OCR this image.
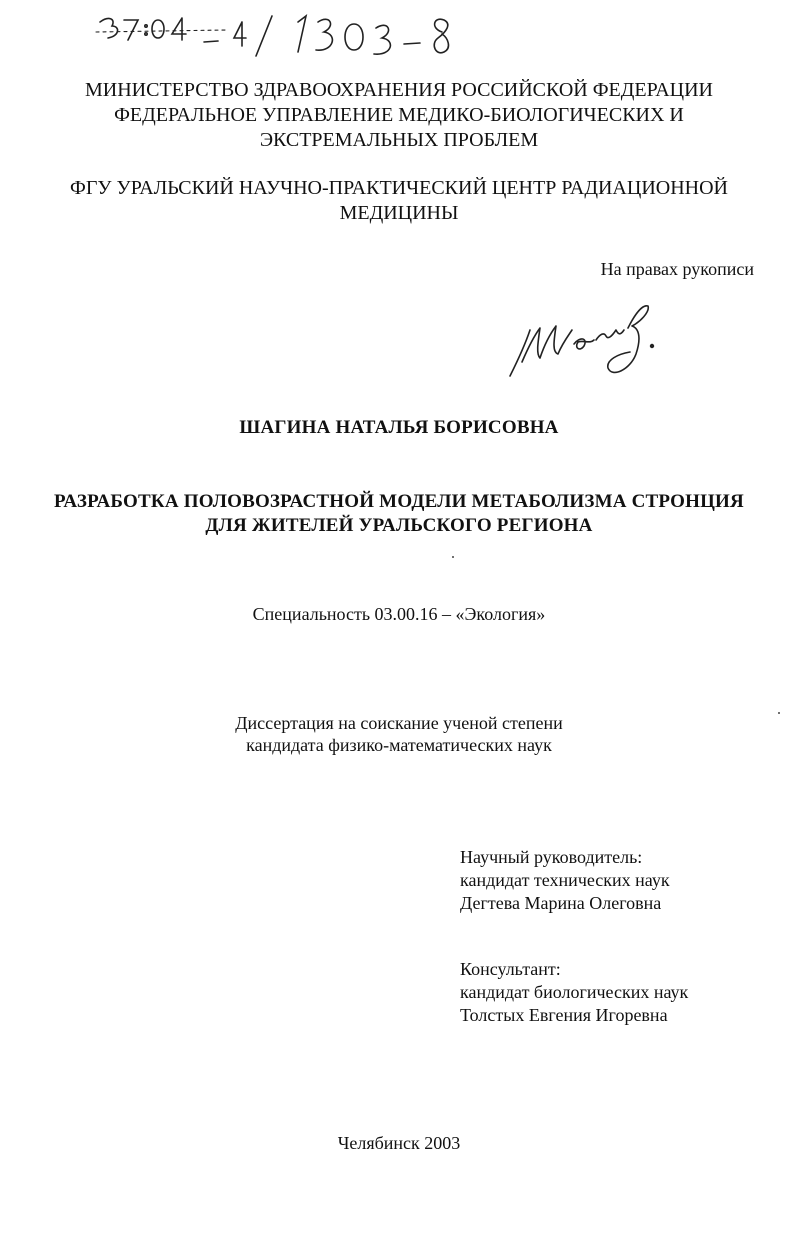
МИНИСТЕРСТВО ЗДРАВООХРАНЕНИЯ РОССИЙСКОЙ ФЕДЕРАЦИИ
ФЕДЕРАЛЬНОЕ УПРАВЛЕНИЕ МЕДИКО-БИОЛОГИЧЕСКИХ И
ЭКСТРЕМАЛЬНЫХ ПРОБЛЕМ
ФГУ УРАЛЬСКИЙ НАУЧНО-ПРАКТИЧЕСКИЙ ЦЕНТР РАДИАЦИОННОЙ
МЕДИЦИНЫ
На правах рукописи
ШАГИНА НАТАЛЬЯ БОРИСОВНА
РАЗРАБОТКА ПОЛОВОЗРАСТНОЙ МОДЕЛИ МЕТАБОЛИЗМА СТРОНЦИЯ
ДЛЯ ЖИТЕЛЕЙ УРАЛЬСКОГО РЕГИОНА
Специальность 03.00.16 – «Экология»
Диссертация на соискание ученой степени
кандидата физико-математических наук
Научный руководитель:
кандидат технических наук
Дегтева Марина Олеговна
Консультант:
кандидат биологических наук
Толстых Евгения Игоревна
Челябинск 2003
